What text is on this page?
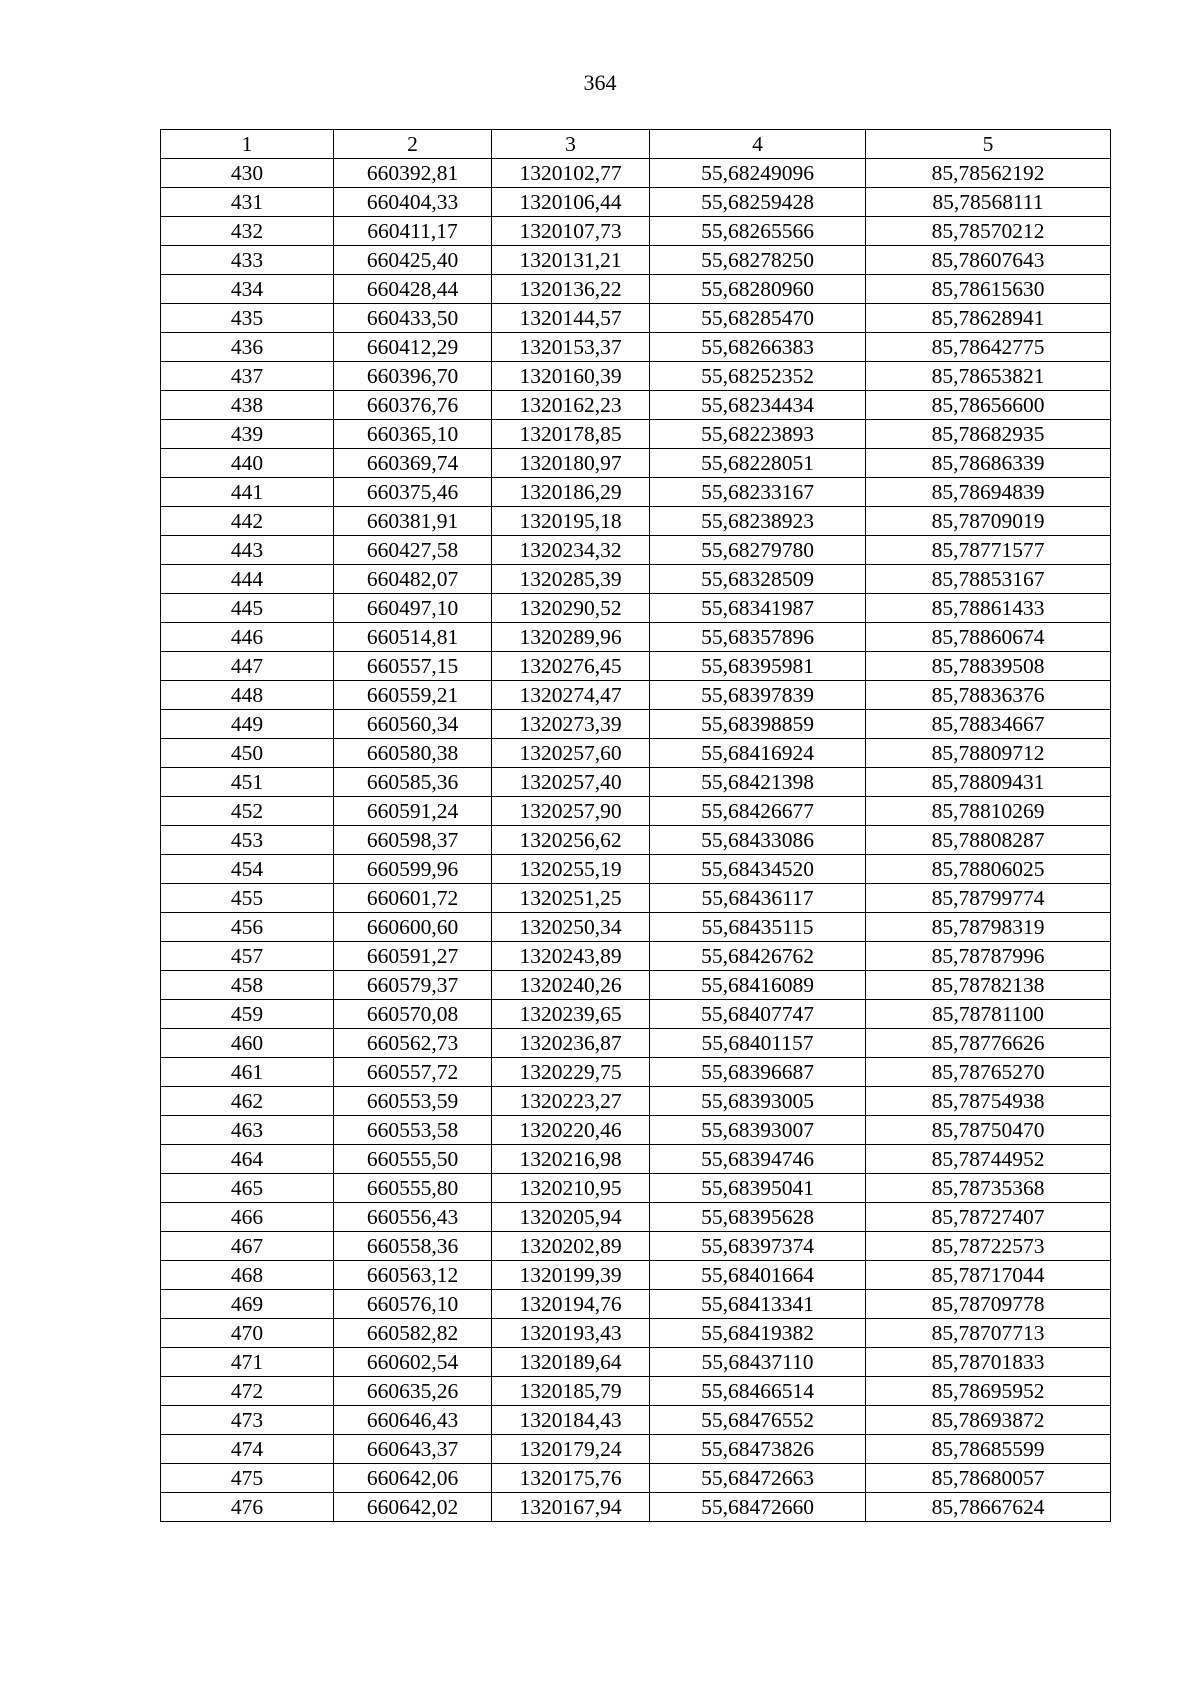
364
1	2	3	4	5
430	660392,81	1320102,77	55,68249096	85,78562192
431	660404,33	1320106,44	55,68259428	85,78568111
432	660411,17	1320107,73	55,68265566	85,78570212
433	660425,40	1320131,21	55,68278250	85,78607643
434	660428,44	1320136,22	55,68280960	85,78615630
435	660433,50	1320144,57	55,68285470	85,78628941
436	660412,29	1320153,37	55,68266383	85,78642775
437	660396,70	1320160,39	55,68252352	85,78653821
438	660376,76	1320162,23	55,68234434	85,78656600
439	660365,10	1320178,85	55,68223893	85,78682935
440	660369,74	1320180,97	55,68228051	85,78686339
441	660375,46	1320186,29	55,68233167	85,78694839
442	660381,91	1320195,18	55,68238923	85,78709019
443	660427,58	1320234,32	55,68279780	85,78771577
444	660482,07	1320285,39	55,68328509	85,78853167
445	660497,10	1320290,52	55,68341987	85,78861433
446	660514,81	1320289,96	55,68357896	85,78860674
447	660557,15	1320276,45	55,68395981	85,78839508
448	660559,21	1320274,47	55,68397839	85,78836376
449	660560,34	1320273,39	55,68398859	85,78834667
450	660580,38	1320257,60	55,68416924	85,78809712
451	660585,36	1320257,40	55,68421398	85,78809431
452	660591,24	1320257,90	55,68426677	85,78810269
453	660598,37	1320256,62	55,68433086	85,78808287
454	660599,96	1320255,19	55,68434520	85,78806025
455	660601,72	1320251,25	55,68436117	85,78799774
456	660600,60	1320250,34	55,68435115	85,78798319
457	660591,27	1320243,89	55,68426762	85,78787996
458	660579,37	1320240,26	55,68416089	85,78782138
459	660570,08	1320239,65	55,68407747	85,78781100
460	660562,73	1320236,87	55,68401157	85,78776626
461	660557,72	1320229,75	55,68396687	85,78765270
462	660553,59	1320223,27	55,68393005	85,78754938
463	660553,58	1320220,46	55,68393007	85,78750470
464	660555,50	1320216,98	55,68394746	85,78744952
465	660555,80	1320210,95	55,68395041	85,78735368
466	660556,43	1320205,94	55,68395628	85,78727407
467	660558,36	1320202,89	55,68397374	85,78722573
468	660563,12	1320199,39	55,68401664	85,78717044
469	660576,10	1320194,76	55,68413341	85,78709778
470	660582,82	1320193,43	55,68419382	85,78707713
471	660602,54	1320189,64	55,68437110	85,78701833
472	660635,26	1320185,79	55,68466514	85,78695952
473	660646,43	1320184,43	55,68476552	85,78693872
474	660643,37	1320179,24	55,68473826	85,78685599
475	660642,06	1320175,76	55,68472663	85,78680057
476	660642,02	1320167,94	55,68472660	85,78667624
